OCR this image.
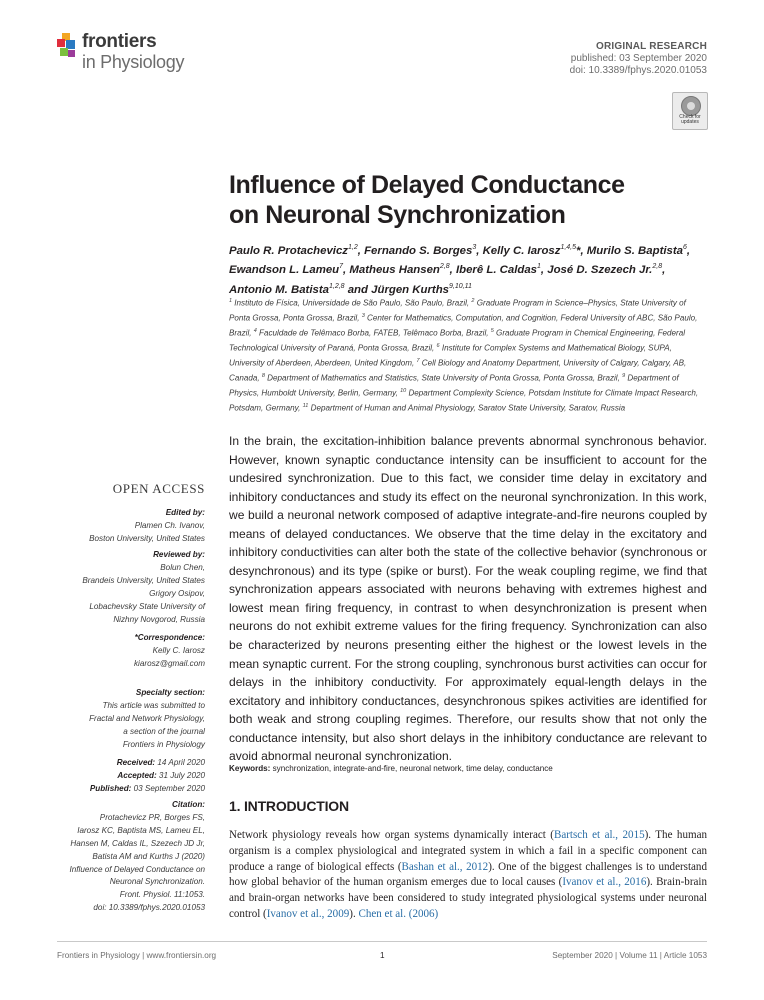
frontiers
in Physiology
ORIGINAL RESEARCH
published: 03 September 2020
doi: 10.3389/fphys.2020.01053
Check for
updates
Influence of Delayed Conductance
on Neuronal Synchronization
Paulo R. Protachevicz$^{1,2}$, Fernando S. Borges$^3$, Kelly C. Iarosz$^{1,4,5}$*, Murilo S. Baptista$^6$, Ewandson L. Lameu$^7$, Matheus Hansen$^{2,8}$, Iberê L. Caldas$^1$, José D. Szezech Jr.$^{2,8}$, Antonio M. Batista$^{1,2,8}$ and Jürgen Kurths$^{9,10,11}$
$^1$ Instituto de Física, Universidade de São Paulo, São Paulo, Brazil, $^2$ Graduate Program in Science–Physics, State University of Ponta Grossa, Ponta Grossa, Brazil, $^3$ Center for Mathematics, Computation, and Cognition, Federal University of ABC, São Paulo, Brazil, $^4$ Faculdade de Telêmaco Borba, FATEB, Telêmaco Borba, Brazil, $^5$ Graduate Program in Chemical Engineering, Federal Technological University of Paraná, Ponta Grossa, Brazil, $^6$ Institute for Complex Systems and Mathematical Biology, SUPA, University of Aberdeen, Aberdeen, United Kingdom, $^7$ Cell Biology and Anatomy Department, University of Calgary, Calgary, AB, Canada, $^8$ Department of Mathematics and Statistics, State University of Ponta Grossa, Ponta Grossa, Brazil, $^9$ Department of Physics, Humboldt University, Berlin, Germany, $^{10}$ Department Complexity Science, Potsdam Institute for Climate Impact Research, Potsdam, Germany, $^{11}$ Department of Human and Animal Physiology, Saratov State University, Saratov, Russia
OPEN ACCESS
Edited by:
Plamen Ch. Ivanov,
Boston University, United States
Reviewed by:
Bolun Chen,
Brandeis University, United States
Grigory Osipov,
Lobachevsky State University of
Nizhny Novgorod, Russia
*Correspondence:
Kelly C. Iarosz
kiarosz@gmail.com
Specialty section:
This article was submitted to
Fractal and Network Physiology,
a section of the journal
Frontiers in Physiology
Received: 14 April 2020
Accepted: 31 July 2020
Published: 03 September 2020
Citation:
Protachevicz PR, Borges FS,
Iarosz KC, Baptista MS, Lameu EL,
Hansen M, Caldas IL, Szezech JD Jr,
Batista AM and Kurths J (2020)
Influence of Delayed Conductance on
Neuronal Synchronization.
Front. Physiol. 11:1053.
doi: 10.3389/fphys.2020.01053
In the brain, the excitation-inhibition balance prevents abnormal synchronous behavior. However, known synaptic conductance intensity can be insufficient to account for the undesired synchronization. Due to this fact, we consider time delay in excitatory and inhibitory conductances and study its effect on the neuronal synchronization. In this work, we build a neuronal network composed of adaptive integrate-and-fire neurons coupled by means of delayed conductances. We observe that the time delay in the excitatory and inhibitory conductivities can alter both the state of the collective behavior (synchronous or desynchronous) and its type (spike or burst). For the weak coupling regime, we find that synchronization appears associated with neurons behaving with extremes highest and lowest mean firing frequency, in contrast to when desynchronization is present when neurons do not exhibit extreme values for the firing frequency. Synchronization can also be characterized by neurons presenting either the highest or the lowest levels in the mean synaptic current. For the strong coupling, synchronous burst activities can occur for delays in the inhibitory conductivity. For approximately equal-length delays in the excitatory and inhibitory conductances, desynchronous spikes activities are identified for both weak and strong coupling regimes. Therefore, our results show that not only the conductance intensity, but also short delays in the inhibitory conductance are relevant to avoid abnormal neuronal synchronization.
Keywords: synchronization, integrate-and-fire, neuronal network, time delay, conductance
1. INTRODUCTION
Network physiology reveals how organ systems dynamically interact (Bartsch et al., 2015). The human organism is a complex physiological and integrated system in which a fail in a specific component can produce a range of biological effects (Bashan et al., 2012). One of the biggest challenges is to understand how global behavior of the human organism emerges due to local causes (Ivanov et al., 2016). Brain-brain and brain-organ networks have been considered to study integrated physiological systems under neuronal control (Ivanov et al., 2009). Chen et al. (2006)
Frontiers in Physiology | www.frontiersin.org	1	September 2020 | Volume 11 | Article 1053
